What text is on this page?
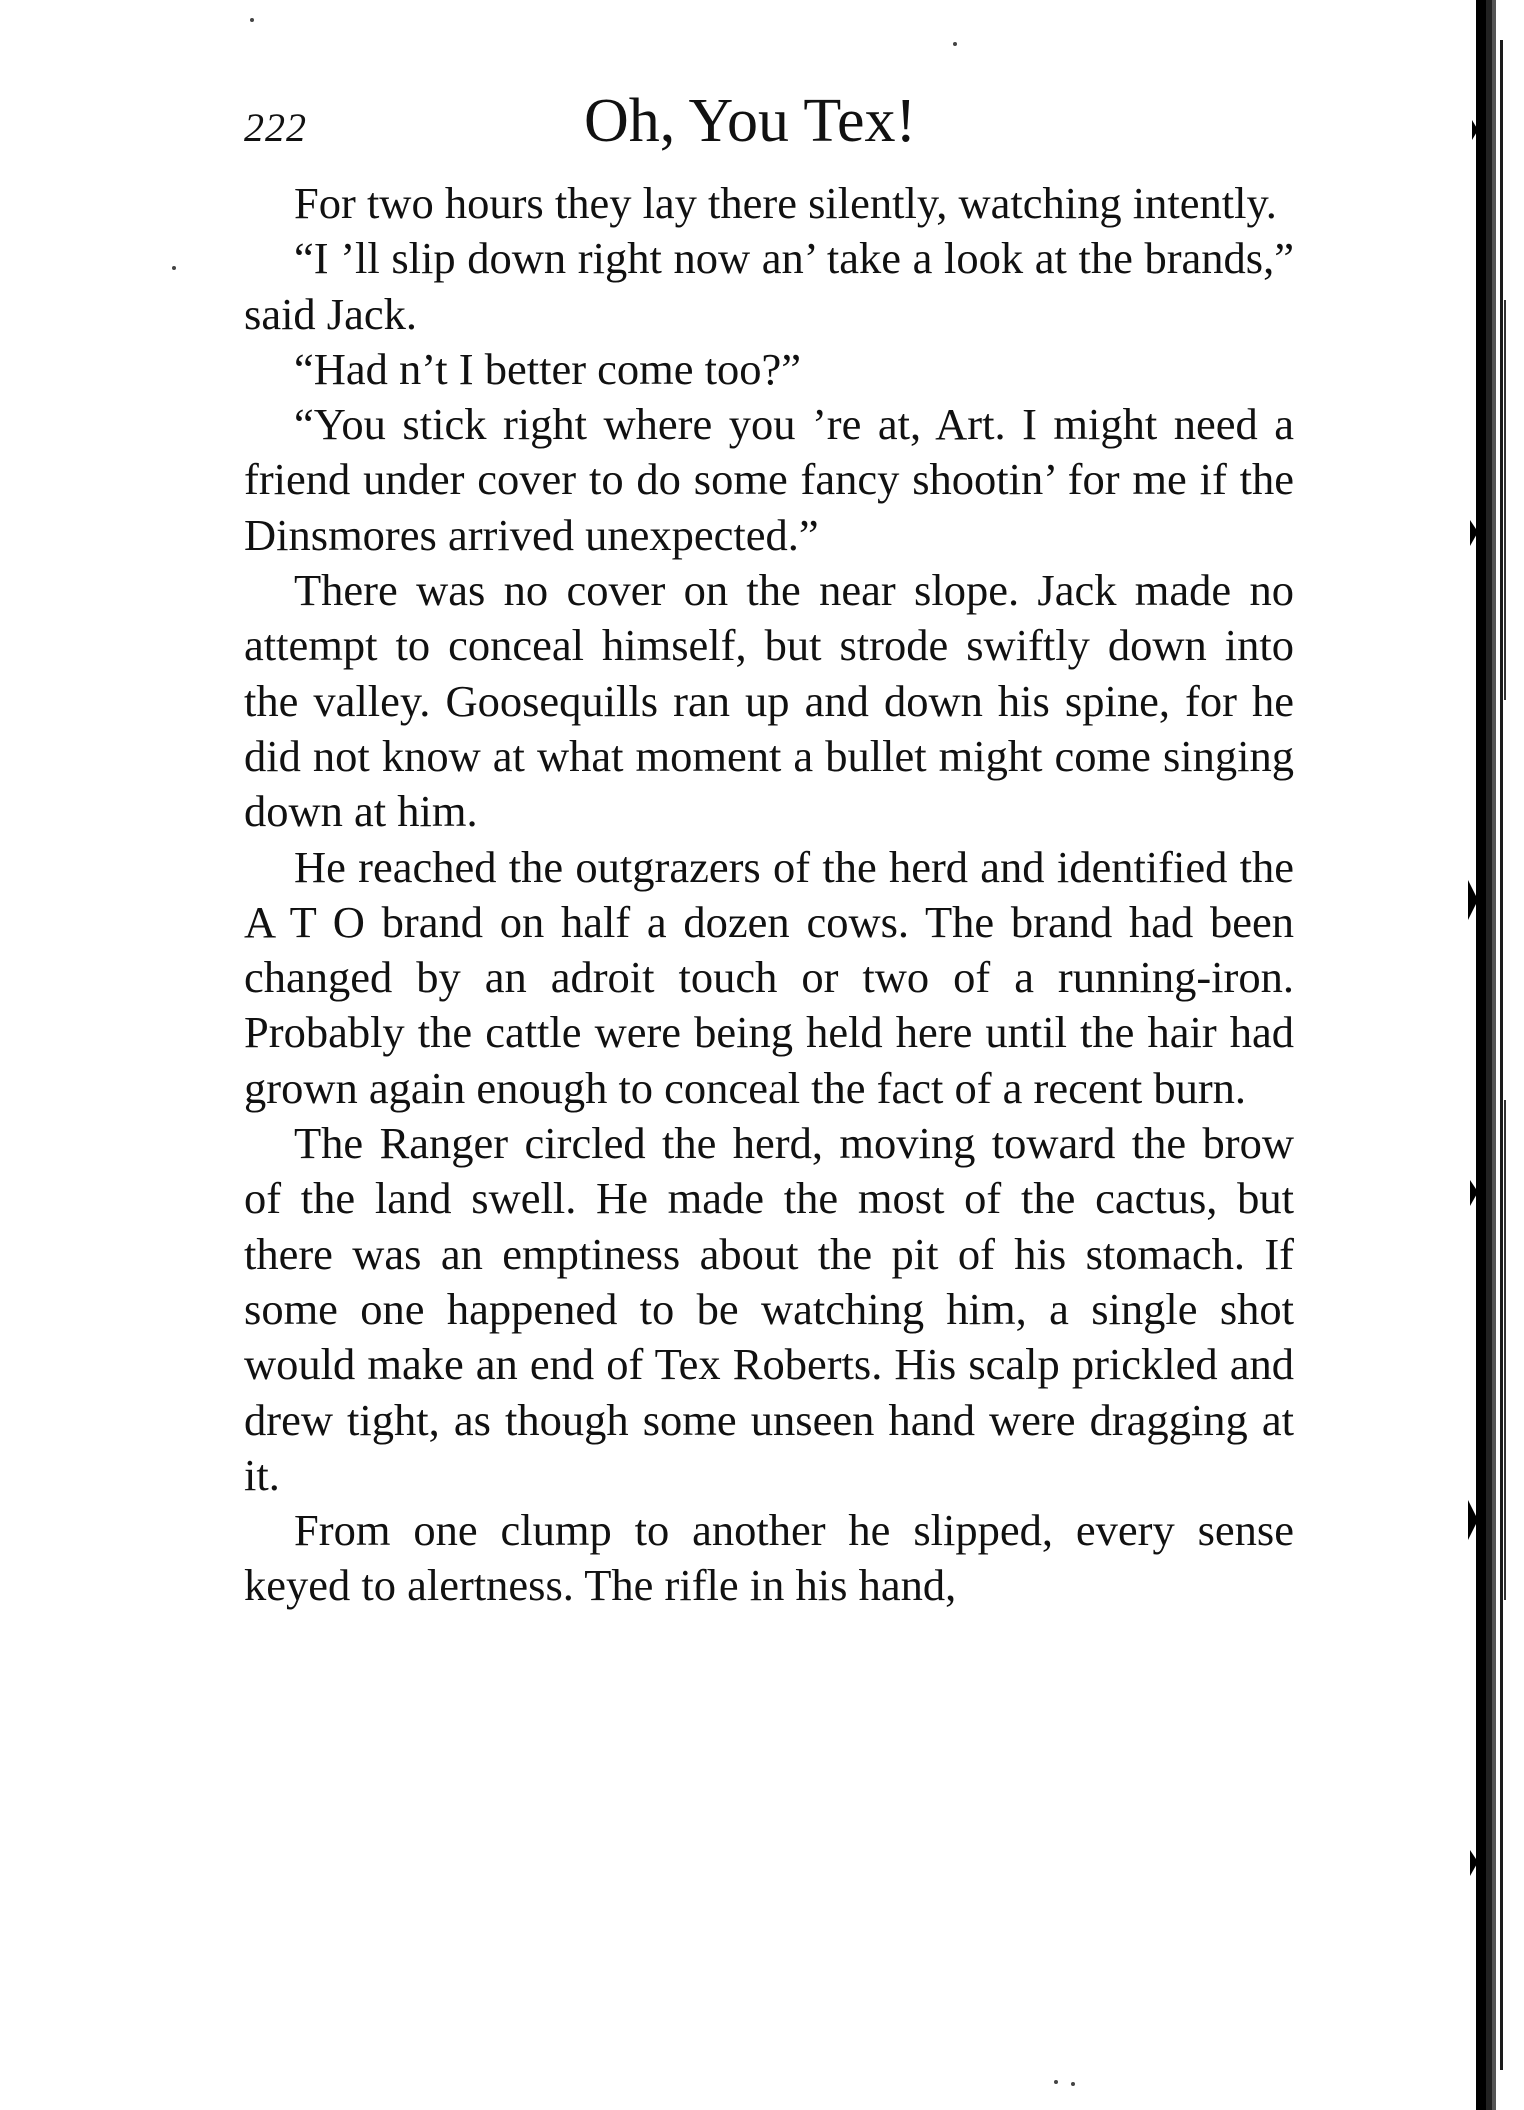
222	Oh, You Tex!

For two hours they lay there silently, watching intently.

“I ’ll slip down right now an’ take a look at the brands,” said Jack.

“Had n’t I better come too?”

“You stick right where you ’re at, Art. I might need a friend under cover to do some fancy shootin’ for me if the Dinsmores arrived unexpected.”

There was no cover on the near slope. Jack made no attempt to conceal himself, but strode swiftly down into the valley. Goosequills ran up and down his spine, for he did not know at what moment a bullet might come singing down at him.

He reached the outgrazers of the herd and identified the A T O brand on half a dozen cows. The brand had been changed by an adroit touch or two of a running-iron. Probably the cattle were being held here until the hair had grown again enough to conceal the fact of a recent burn.

The Ranger circled the herd, moving toward the brow of the land swell. He made the most of the cactus, but there was an emptiness about the pit of his stomach. If some one happened to be watching him, a single shot would make an end of Tex Roberts. His scalp prickled and drew tight, as though some unseen hand were dragging at it.

From one clump to another he slipped, every sense keyed to alertness. The rifle in his hand,
